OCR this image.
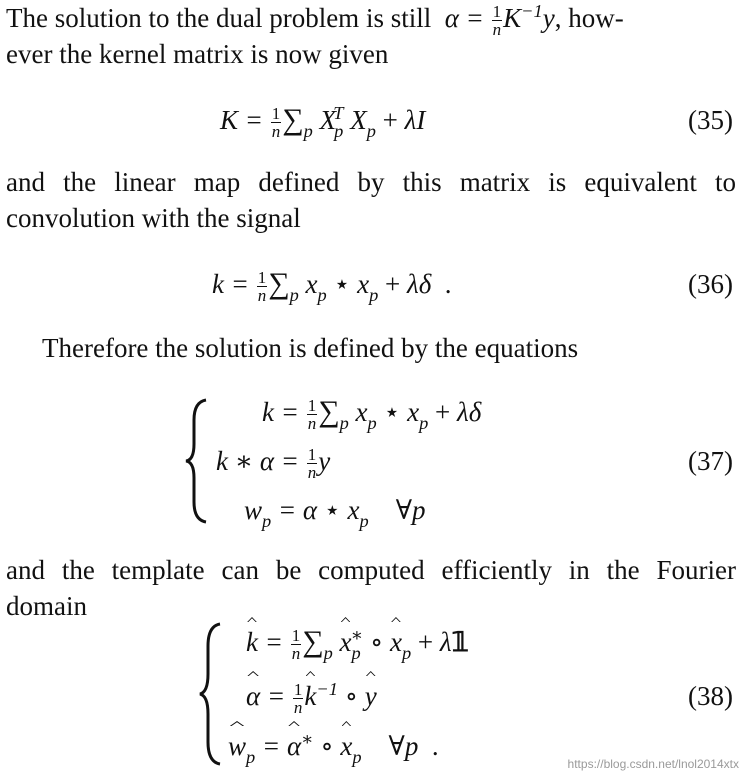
The solution to the dual problem is still  $\alpha = \frac{1}{n} K^{-1}y$, how-
ever the kernel matrix is now given
$K = \frac{1}{n} \sum_p$ $X_p^T$ $X_p + \lambda I$	(35)
and the linear map defined by this matrix is equivalent to
convolution with the signal
$k = \frac{1}{n} \sum_p$ $x_p$ ⋆ $x_p + \lambda\delta$  .	(36)
Therefore the solution is defined by the equations
$k = \frac{1}{n} \sum_p$ $x_p$ ⋆ $x_p + \lambda\delta$
k ∗ $\alpha = \frac{1}{n}$ y
$w_p = \alpha$ ⋆ $x_p$    ∀p
(37)
and the template can be computed efficiently in the Fourier
domain
$k = \frac{1}{n} \sum_p$ $x_p^∗$ ∘ $x_p$ + λ𝟙
$\alpha = \frac{1}{n} k^{-1}$ ∘ y
$w_p = \alpha^∗$ ∘ $x_p$    ∀p  .
(38)
https://blog.csdn.net/lnol2014xtx
